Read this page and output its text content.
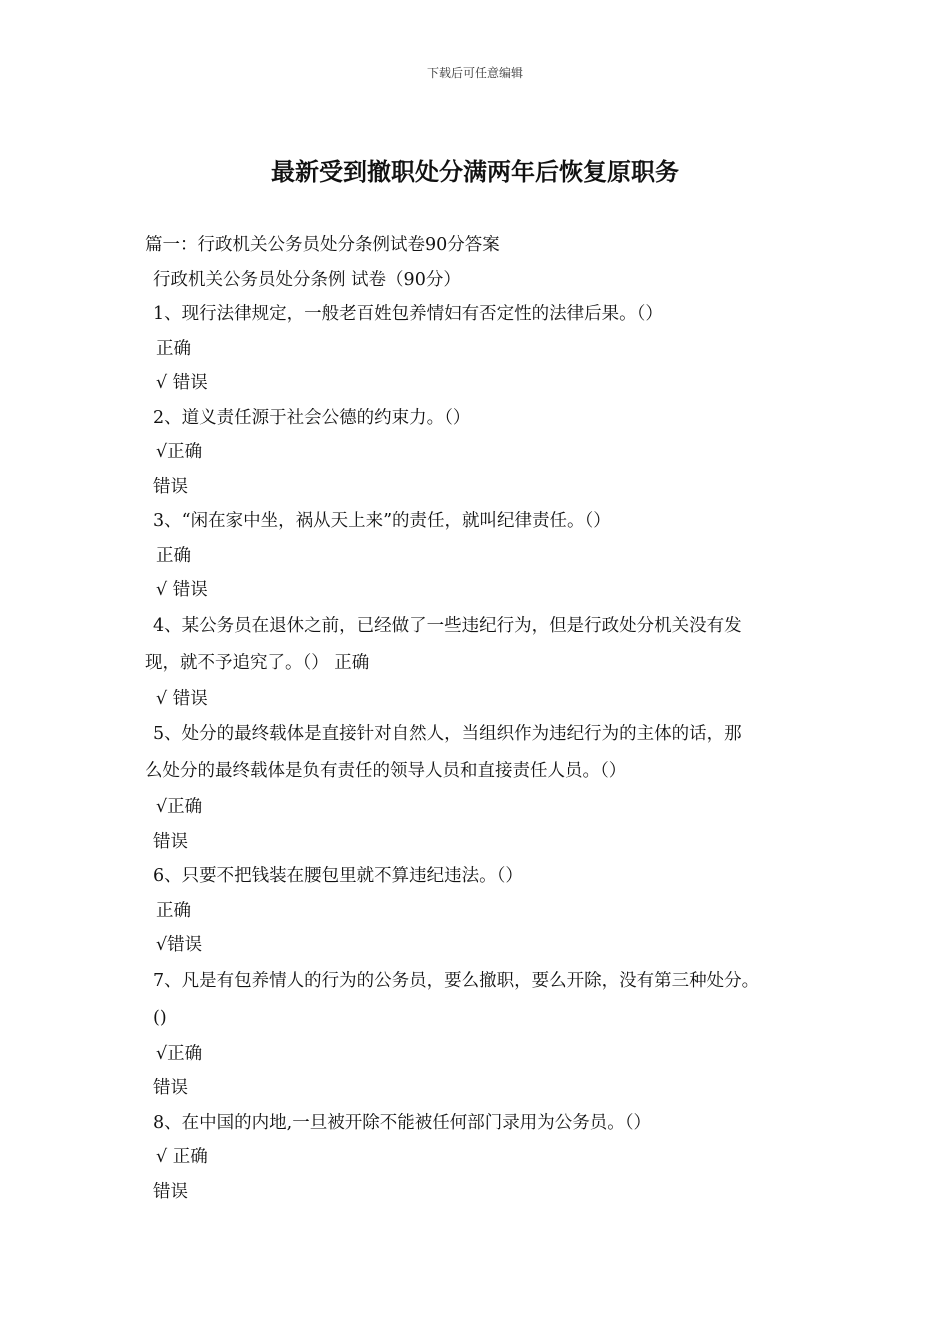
下载后可任意编辑
最新受到撤职处分满两年后恢复原职务
篇一：行政机关公务员处分条例试卷90分答案
行政机关公务员处分条例 试卷（90分）
1、现行法律规定，一般老百姓包养情妇有否定性的法律后果。（）
正确
√ 错误
2、道义责任源于社会公德的约束力。（）
√正确
错误
3、“闲在家中坐，祸从天上来”的责任，就叫纪律责任。（）
正确
√ 错误
4、某公务员在退休之前，已经做了一些违纪行为，但是行政处分机关没有发
现，就不予追究了。（） 正确
√ 错误
5、处分的最终载体是直接针对自然人，当组织作为违纪行为的主体的话，那
么处分的最终载体是负有责任的领导人员和直接责任人员。（）
√正确
错误
6、只要不把钱装在腰包里就不算违纪违法。（）
正确
√错误
7、凡是有包养情人的行为的公务员，要么撤职，要么开除，没有第三种处分。
()
√正确
错误
8、在中国的内地,一旦被开除不能被任何部门录用为公务员。（）
√ 正确
错误
